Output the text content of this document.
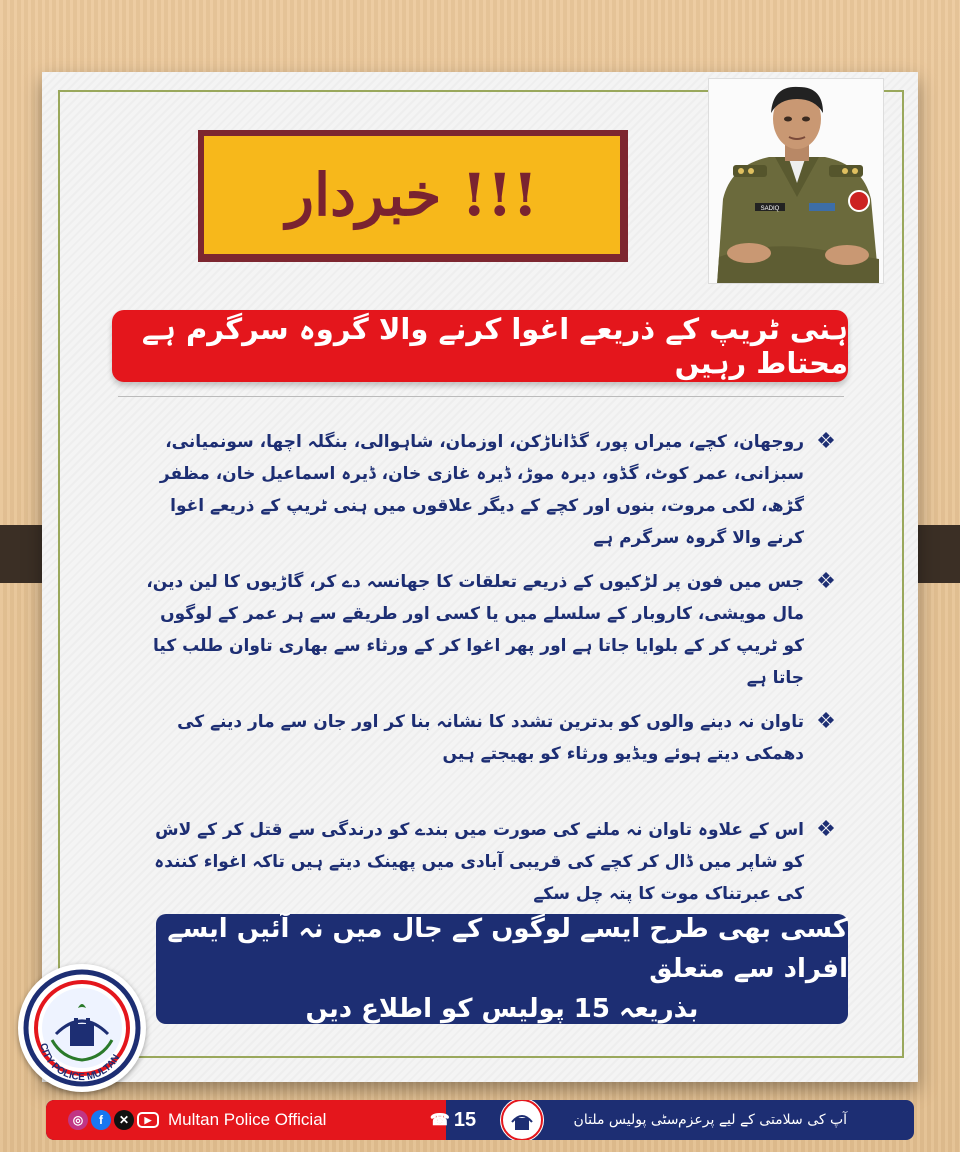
خبردار !!!	SADIQ
ہنی ٹریپ کے ذریعے اغوا کرنے والا گروہ سرگرم ہے محتاط رہیں
❖
روجھان، کچے، میراں پور، گڈاناڑکن، اوزمان، شاہوالی، بنگلہ اچھا، سونمیانی، سبزانی، عمر کوٹ، گڈو، دیرہ موڑ، ڈیرہ غازی خان، ڈیرہ اسماعیل خان، مظفر گڑھ، لکی مروت، بنوں اور کچے کے دیگر علاقوں میں ہنی ٹریپ کے ذریعے اغوا کرنے والا گروہ سرگرم ہے
❖
جس میں فون پر لڑکیوں کے ذریعے تعلقات کا جھانسہ دے کر، گاڑیوں کا لین دین، مال مویشی، کاروبار کے سلسلے میں یا کسی اور طریقے سے ہر عمر کے لوگوں کو ٹریپ کر کے بلوایا جاتا ہے اور پھر اغوا کر کے ورثاء سے بھاری تاوان طلب کیا جاتا ہے
❖
تاوان نہ دینے والوں کو بدترین تشدد کا نشانہ بنا کر اور جان سے مار دینے کی دھمکی دیتے ہوئے ویڈیو ورثاء کو بھیجتے ہیں
❖
اس کے علاوہ تاوان نہ ملنے کی صورت میں بندے کو درندگی سے قتل کر کے لاش کو شاپر میں ڈال کر کچے کی قریبی آبادی میں پھینک دیتے ہیں تاکہ اغواء کنندہ کی عبرتناک موت کا پتہ چل سکے
کسی بھی طرح ایسے لوگوں کے جال میں نہ آئیں ایسے افراد سے متعلق
بذریعہ 15 پولیس کو اطلاع دیں
CITY POLICE MULTAN
◎	f	✕	▶ Multan Police Official	☎ 15	سٹی پولیس ملتان آپ کی سلامتی کے لیے پرعزم
